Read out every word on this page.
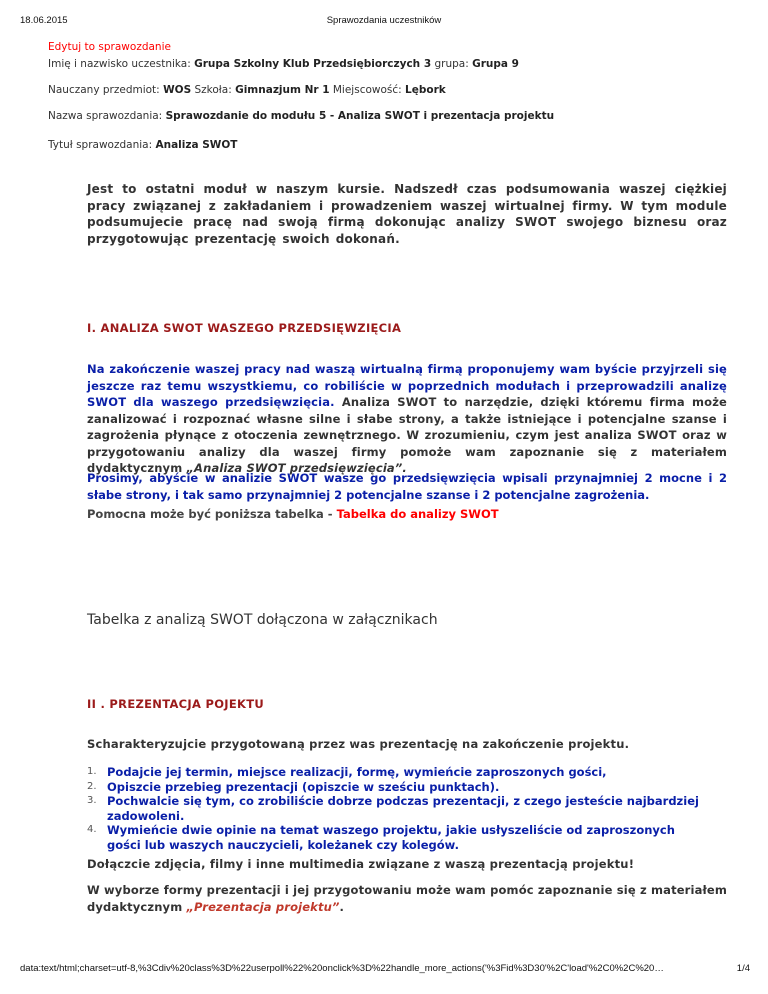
18.06.2015	Sprawozdania uczestników
Edytuj to sprawozdanie
Imię i nazwisko uczestnika: Grupa Szkolny Klub Przedsiębiorczych 3 grupa: Grupa 9
Nauczany przedmiot: WOS Szkoła: Gimnazjum Nr 1 Miejscowość: Lębork
Nazwa sprawozdania: Sprawozdanie do modułu 5 - Analiza SWOT i prezentacja projektu
Tytuł sprawozdania: Analiza SWOT
Jest to ostatni moduł w naszym kursie. Nadszedł czas podsumowania waszej ciężkiej pracy związanej z zakładaniem i prowadzeniem waszej wirtualnej firmy. W tym module podsumujecie pracę nad swoją firmą dokonując analizy SWOT swojego biznesu oraz przygotowując prezentację swoich dokonań.
I. ANALIZA SWOT WASZEGO PRZEDSIĘWZIĘCIA
Na zakończenie waszej pracy nad waszą wirtualną firmą proponujemy wam byście przyjrzeli się jeszcze raz temu wszystkiemu, co robiliście w poprzednich modułach i przeprowadzili analizę SWOT dla waszego przedsięwzięcia. Analiza SWOT to narzędzie, dzięki któremu firma może zanalizować i rozpoznać własne silne i słabe strony, a także istniejące i potencjalne szanse i zagrożenia płynące z otoczenia zewnętrznego. W zrozumieniu, czym jest analiza SWOT oraz w przygotowaniu analizy dla waszej firmy pomoże wam zapoznanie się z materiałem dydaktycznym „Analiza SWOT przedsięwzięcia”.
Prosimy, abyście w analizie SWOT wasze go przedsięwzięcia wpisali przynajmniej 2 mocne i 2 słabe strony, i tak samo przynajmniej 2 potencjalne szanse i 2 potencjalne zagrożenia.
Pomocna może być poniższa tabelka - Tabelka do analizy SWOT
Tabelka z analizą SWOT dołączona w załącznikach
II . PREZENTACJA POJEKTU
Scharakteryzujcie przygotowaną przez was prezentację na zakończenie projektu.
1. Podajcie jej termin, miejsce realizacji, formę, wymieńcie zaproszonych gości,
2. Opiszcie przebieg prezentacji (opiszcie w sześciu punktach).
3. Pochwalcie się tym, co zrobiliście dobrze podczas prezentacji, z czego jesteście najbardziej zadowoleni.
4. Wymieńcie dwie opinie na temat waszego projektu, jakie usłyszeliście od zaproszonych gości lub waszych nauczycieli, koleżanek czy kolegów.
Dołączcie zdjęcia, filmy i inne multimedia związane z waszą prezentacją projektu!
W wyborze formy prezentacji i jej przygotowaniu może wam pomóc zapoznanie się z materiałem dydaktycznym „Prezentacja projektu”.
data:text/html;charset=utf-8,%3Cdiv%20class%3D%22userpoll%22%20onclick%3D%22handle_more_actions('%3Fid%3D30'%2C'load'%2C0%2C%20…	1/4
